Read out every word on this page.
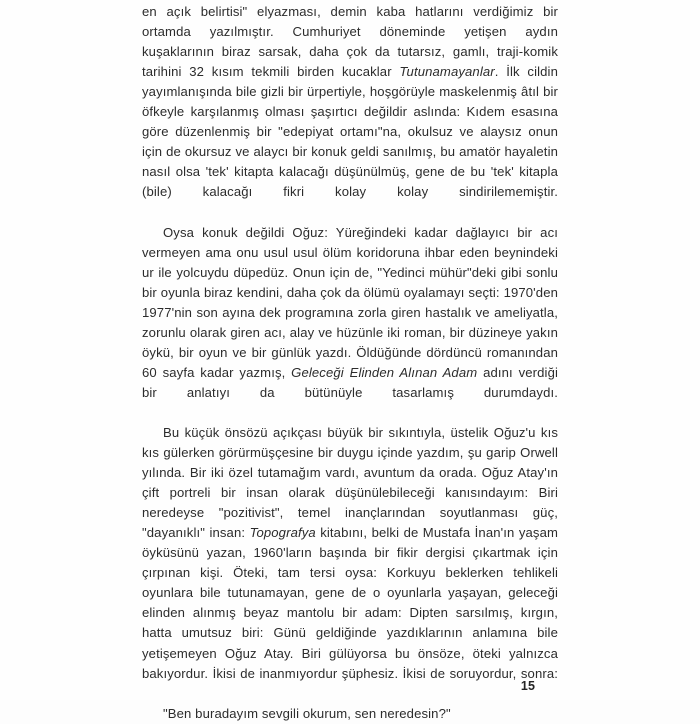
en açık belirtisi" elyazması, demin kaba hatlarını verdiğimiz bir ortamda yazılmıştır. Cumhuriyet döneminde yetişen aydın kuşaklarının biraz sarsak, daha çok da tutarsız, gamlı, traji-komik tarihini 32 kısım tekmili birden kucaklar Tutunamayanlar. İlk cildin yayımlanışında bile gizli bir ürpertiyle, hoşgörüyle maskelenmiş âtıl bir öfkeyle karşılanmış olması şaşırtıcı değildir aslında: Kıdem esasına göre düzenlenmiş bir "edepiyat ortamı"na, okulsuz ve alaysız onun için de okursuz ve alaycı bir konuk geldi sanılmış, bu amatör hayaletin nasıl olsa 'tek' kitapta kalacağı düşünülmüş, gene de bu 'tek' kitapla (bile) kalacağı fikri kolay kolay sindirilememiştir.

Oysa konuk değildi Oğuz: Yüreğindeki kadar dağlayıcı bir acı vermeyen ama onu usul usul ölüm koridoruna ihbar eden beynindeki ur ile yolcuydu düpedüz. Onun için de, "Yedinci mühür"deki gibi sonlu bir oyunla biraz kendini, daha çok da ölümü oyalamayı seçti: 1970'den 1977'nin son ayına dek programına zorla giren hastalık ve ameliyatla, zorunlu olarak giren acı, alay ve hüzünle iki roman, bir düzineye yakın öykü, bir oyun ve bir günlük yazdı. Öldüğünde dördüncü romanından 60 sayfa kadar yazmış, Geleceği Elinden Alınan Adam adını verdiği bir anlatıyı da bütünüyle tasarlamış durumdaydı.

Bu küçük önsözü açıkçası büyük bir sıkıntıyla, üstelik Oğuz'u kıs kıs gülerken görürmüşçesine bir duygu içinde yazdım, şu garip Orwell yılında. Bir iki özel tutamağım vardı, avuntum da orada. Oğuz Atay'ın çift portreli bir insan olarak düşünülebileceği kanısındayım: Biri neredeyse "pozitivist", temel inançlarından soyutlanması güç, "dayanıklı" insan: Topografya kitabını, belki de Mustafa İnan'ın yaşam öyküsünü yazan, 1960'ların başında bir fikir dergisi çıkartmak için çırpınan kişi. Öteki, tam tersi oysa: Korkuyu beklerken tehlikeli oyunlara bile tutunamayan, gene de o oyunlarla yaşayan, geleceği elinden alınmış beyaz mantolu bir adam: Dipten sarsılmış, kırgın, hatta umutsuz biri: Günü geldiğinde yazdıklarının anlamına bile yetişemeyen Oğuz Atay. Biri gülüyorsa bu önsöze, öteki yalnızca bakıyordur. İkisi de inanmıyordur şüphesiz. İkisi de soruyordur, sonra:

"Ben buradayım sevgili okurum, sen neredesin?"

15
